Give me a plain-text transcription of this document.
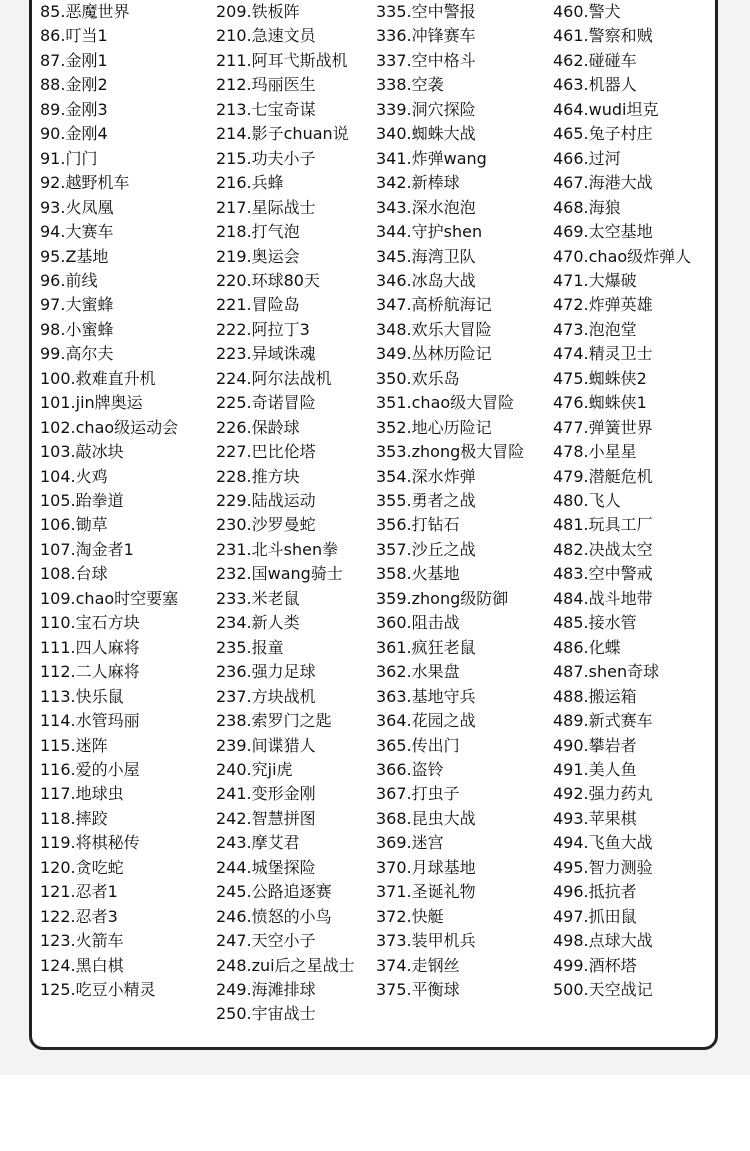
85.恶魔世界
86.叮当1
87.金刚1
88.金刚2
89.金刚3
90.金刚4
91.门门
92.越野机车
93.火凤凰
94.大赛车
95.Z基地
96.前线
97.大蜜蜂
98.小蜜蜂
99.高尔夫
100.救难直升机
101.jin牌奥运
102.chao级运动会
103.敲冰块
104.火鸡
105.跆拳道
106.锄草
107.淘金者1
108.台球
109.chao时空要塞
110.宝石方块
111.四人麻将
112.二人麻将
113.快乐鼠
114.水管玛丽
115.迷阵
116.爱的小屋
117.地球虫
118.摔跤
119.将棋秘传
120.贪吃蛇
121.忍者1
122.忍者3
123.火箭车
124.黑白棋
125.吃豆小精灵
209.铁板阵
210.急速文员
211.阿耳弋斯战机
212.玛丽医生
213.七宝奇谋
214.影子chuan说
215.功夫小子
216.兵蜂
217.星际战士
218.打气泡
219.奥运会
220.环球80天
221.冒险岛
222.阿拉丁3
223.异域诛魂
224.阿尔法战机
225.奇诺冒险
226.保龄球
227.巴比伦塔
228.推方块
229.陆战运动
230.沙罗曼蛇
231.北斗shen拳
232.国wang骑士
233.米老鼠
234.新人类
235.报童
236.强力足球
237.方块战机
238.索罗门之匙
239.间谍猎人
240.究ji虎
241.变形金刚
242.智慧拼图
243.摩艾君
244.城堡探险
245.公路追逐赛
246.愤怒的小鸟
247.天空小子
248.zui后之星战士
249.海滩排球
250.宇宙战士
335.空中警报
336.冲锋赛车
337.空中格斗
338.空袭
339.洞穴探险
340.蜘蛛大战
341.炸弹wang
342.新棒球
343.深水泡泡
344.守护shen
345.海湾卫队
346.冰岛大战
347.高桥航海记
348.欢乐大冒险
349.丛林历险记
350.欢乐岛
351.chao级大冒险
352.地心历险记
353.zhong极大冒险
354.深水炸弹
355.勇者之战
356.打钻石
357.沙丘之战
358.火基地
359.zhong级防御
360.阻击战
361.疯狂老鼠
362.水果盘
363.基地守兵
364.花园之战
365.传出门
366.盗铃
367.打虫子
368.昆虫大战
369.迷宫
370.月球基地
371.圣诞礼物
372.快艇
373.装甲机兵
374.走钢丝
375.平衡球
460.警犬
461.警察和贼
462.碰碰车
463.机器人
464.wudi坦克
465.兔子村庄
466.过河
467.海港大战
468.海狼
469.太空基地
470.chao级炸弹人
471.大爆破
472.炸弹英雄
473.泡泡堂
474.精灵卫士
475.蜘蛛侠2
476.蜘蛛侠1
477.弹簧世界
478.小星星
479.潜艇危机
480.飞人
481.玩具工厂
482.决战太空
483.空中警戒
484.战斗地带
485.接水管
486.化蝶
487.shen奇球
488.搬运箱
489.新式赛车
490.攀岩者
491.美人鱼
492.强力药丸
493.苹果棋
494.飞鱼大战
495.智力测验
496.抵抗者
497.抓田鼠
498.点球大战
499.酒杯塔
500.天空战记
